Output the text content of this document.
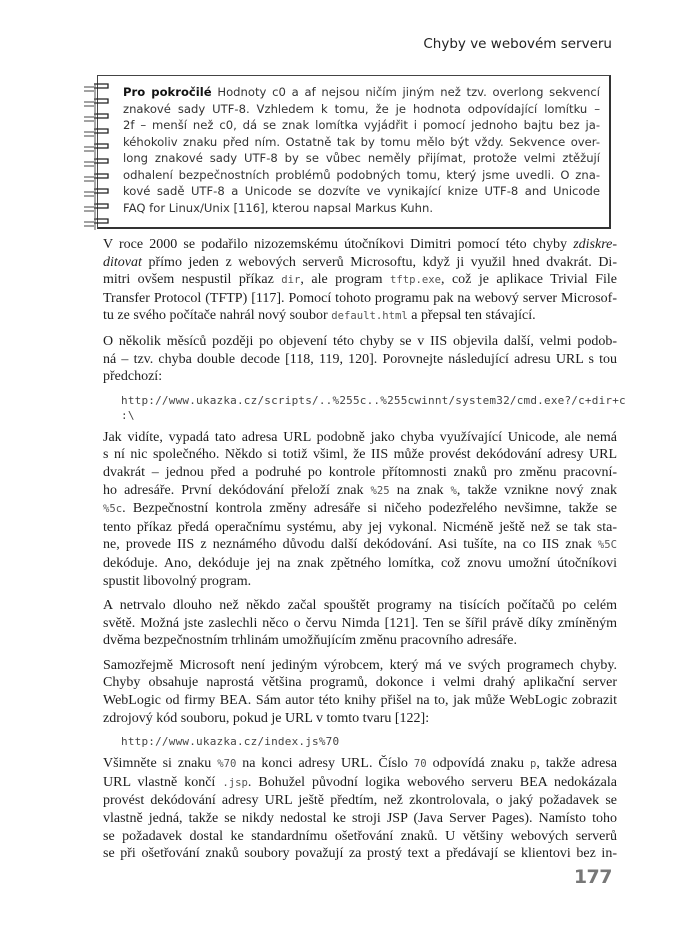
Chyby ve webovém serveru
Pro pokročilé Hodnoty c0 a af nejsou ničím jiným než tzv. overlong sekvencí
znakové sady UTF-8. Vzhledem k tomu, že je hodnota odpovídající lomítku –
2f – menší než c0, dá se znak lomítka vyjádřit i pomocí jednoho bajtu bez ja-
kéhokoliv znaku před ním. Ostatně tak by tomu mělo být vždy. Sekvence over-
long znakové sady UTF-8 by se vůbec neměly přijímat, protože velmi ztěžují
odhalení bezpečnostních problémů podobných tomu, který jsme uvedli. O zna-
kové sadě UTF-8 a Unicode se dozvíte ve vynikající knize UTF-8 and Unicode
FAQ for Linux/Unix [116], kterou napsal Markus Kuhn.
V roce 2000 se podařilo nizozemskému útočníkovi Dimitri pomocí této chyby zdiskre-
ditovat přímo jeden z webových serverů Microsoftu, když ji využil hned dvakrát. Di-
mitri ovšem nespustil příkaz dir, ale program tftp.exe, což je aplikace Trivial File
Transfer Protocol (TFTP) [117]. Pomocí tohoto programu pak na webový server Microsof-
tu ze svého počítače nahrál nový soubor default.html a přepsal ten stávající.
O několik měsíců později po objevení této chyby se v IIS objevila další, velmi podob-
ná – tzv. chyba double decode [118, 119, 120]. Porovnejte následující adresu URL s tou
předchozí:
http://www.ukazka.cz/scripts/..%255c..%255cwinnt/system32/cmd.exe?/c+dir+c
:\
Jak vidíte, vypadá tato adresa URL podobně jako chyba využívající Unicode, ale nemá
s ní nic společného. Někdo si totiž všiml, že IIS může provést dekódování adresy URL
dvakrát – jednou před a podruhé po kontrole přítomnosti znaků pro změnu pracovní-
ho adresáře. První dekódování přeloží znak %25 na znak %, takže vznikne nový znak
%5c. Bezpečnostní kontrola změny adresáře si ničeho podezřelého nevšimne, takže se
tento příkaz předá operačnímu systému, aby jej vykonal. Nicméně ještě než se tak sta-
ne, provede IIS z neznámého důvodu další dekódování. Asi tušíte, na co IIS znak %5C
dekóduje. Ano, dekóduje jej na znak zpětného lomítka, což znovu umožní útočníkovi
spustit libovolný program.
A netrvalo dlouho než někdo začal spouštět programy na tisících počítačů po celém
světě. Možná jste zaslechli něco o červu Nimda [121]. Ten se šířil právě díky zmíněným
dvěma bezpečnostním trhlinám umožňujícím změnu pracovního adresáře.
Samozřejmě Microsoft není jediným výrobcem, který má ve svých programech chyby.
Chyby obsahuje naprostá většina programů, dokonce i velmi drahý aplikační server
WebLogic od firmy BEA. Sám autor této knihy přišel na to, jak může WebLogic zobrazit
zdrojový kód souboru, pokud je URL v tomto tvaru [122]:
http://www.ukazka.cz/index.js%70
Všimněte si znaku %70 na konci adresy URL. Číslo 70 odpovídá znaku p, takže adresa
URL vlastně končí .jsp. Bohužel původní logika webového serveru BEA nedokázala
provést dekódování adresy URL ještě předtím, než zkontrolovala, o jaký požadavek se
vlastně jedná, takže se nikdy nedostal ke stroji JSP (Java Server Pages). Namísto toho
se požadavek dostal ke standardnímu ošetřování znaků. U většiny webových serverů
se při ošetřování znaků soubory považují za prostý text a předávají se klientovi bez in-
177
